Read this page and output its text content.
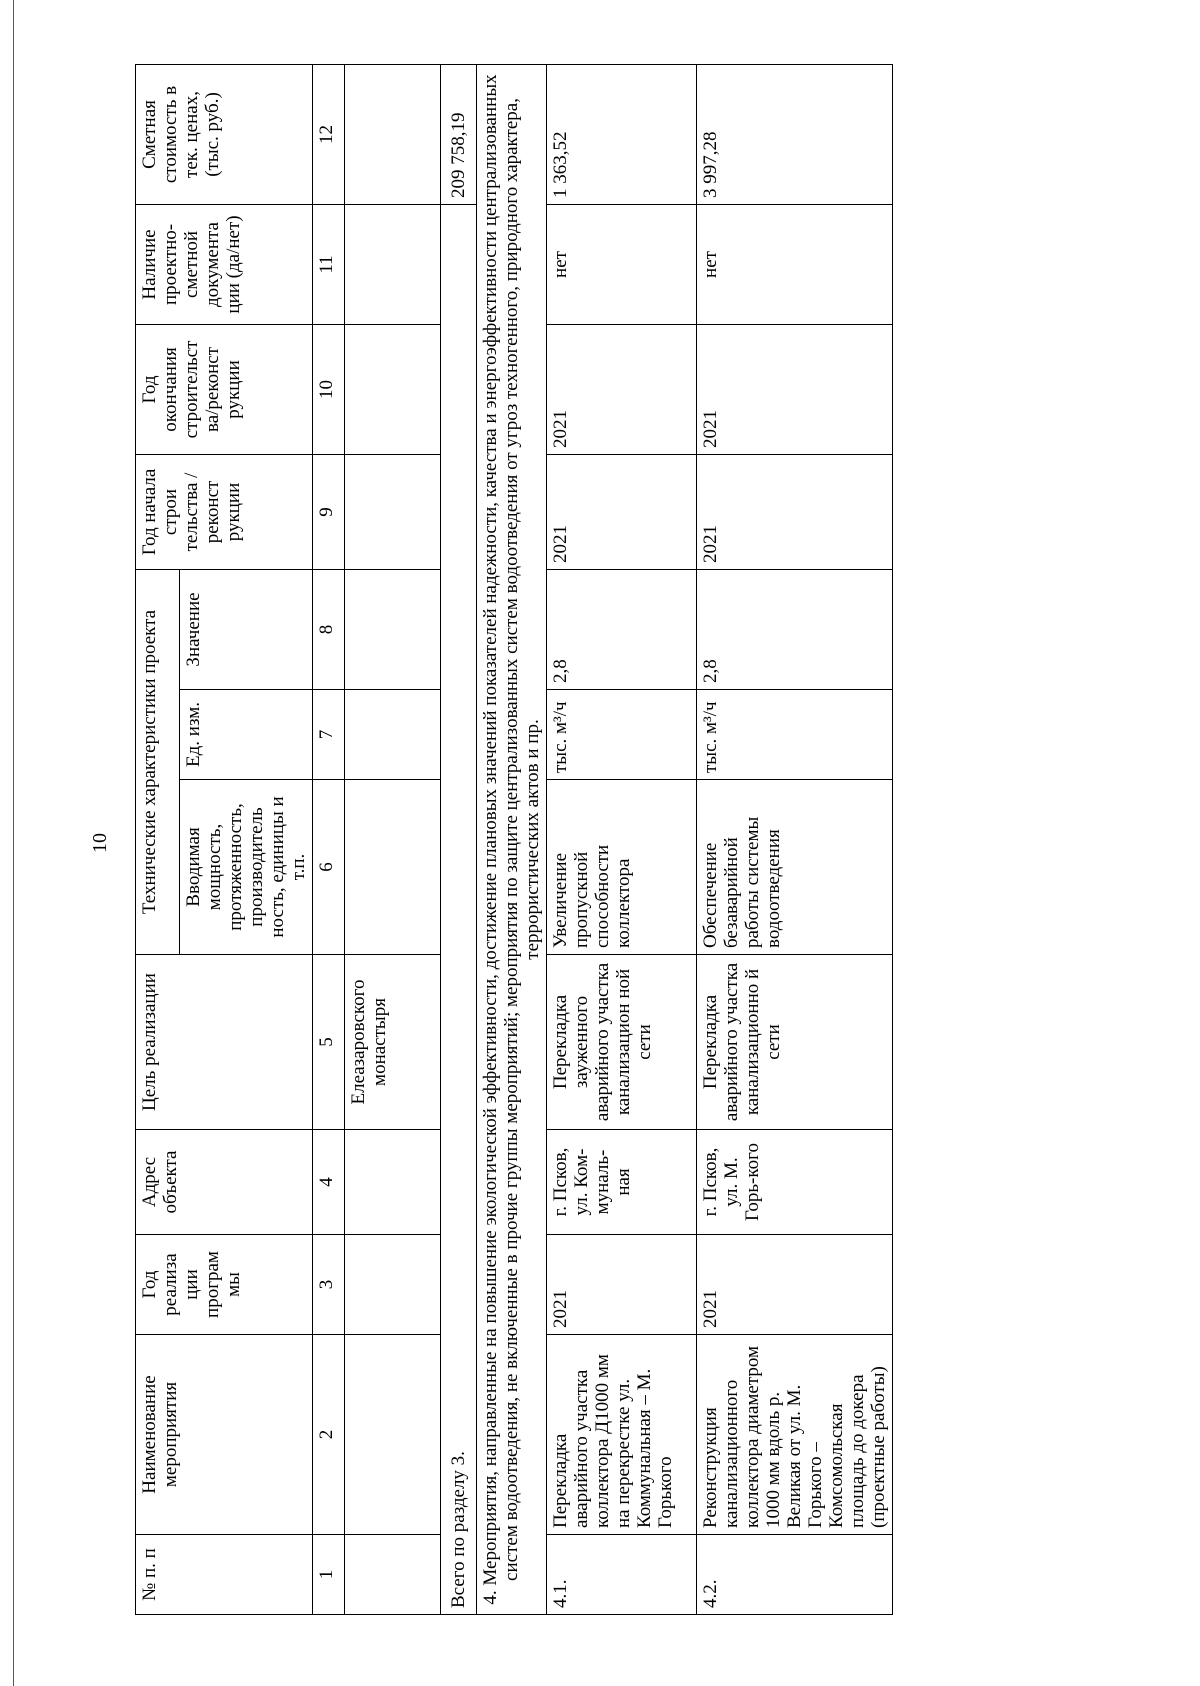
10
№ п. п	Наименование мероприятия	Год реализа ции програм мы	Адрес объекта	Цель реализации	Технические характеристики проекта			Год начала строи тельства /реконст рукции	Год окончания строительст ва/реконст рукции	Наличие проектно- сметной документа ции (да/нет)	Сметная стоимость в тек. ценах, (тыс. руб.)
					Вводимая мощность, протяженность, производитель ность, единицы и т.п.	Ед. изм.	Значение				
1	2	3	4	5	6	7	8	9	10	11	12
				Елеазаровского монастыря							
Всего по разделу 3.											209 758,19
4. Мероприятия, направленные на повышение экологической эффективности, достижение плановых значений показателей надежности, качества и энергоэффективности централизованных систем водоотведения, не включенные в прочие группы мероприятий; мероприятия по защите централизованных систем водоотведения от угроз техногенного, природного характера, террористических актов и пр.											
4.1.	Перекладка аварийного участка коллектора Д1000 мм на перекрестке ул. Коммунальная – М. Горького	2021	г. Псков, ул. Ком-муналь-ная	Перекладка зауженного аварийного участка канализацион ной сети	Увеличение пропускной способности коллектора	тыс. м³/ч	2,8	2021	2021	нет	1 363,52
4.2.	Реконструкция канализационного коллектора диаметром 1000 мм вдоль р. Великая от ул. М. Горького – Комсомольская площадь до докера (проектные работы)	2021	г. Псков, ул. М. Горь-кого	Перекладка аварийного участка канализационно й сети	Обеспечение безаварийной работы системы водоотведения	тыс. м³/ч	2,8	2021	2021	нет	3 997,28
